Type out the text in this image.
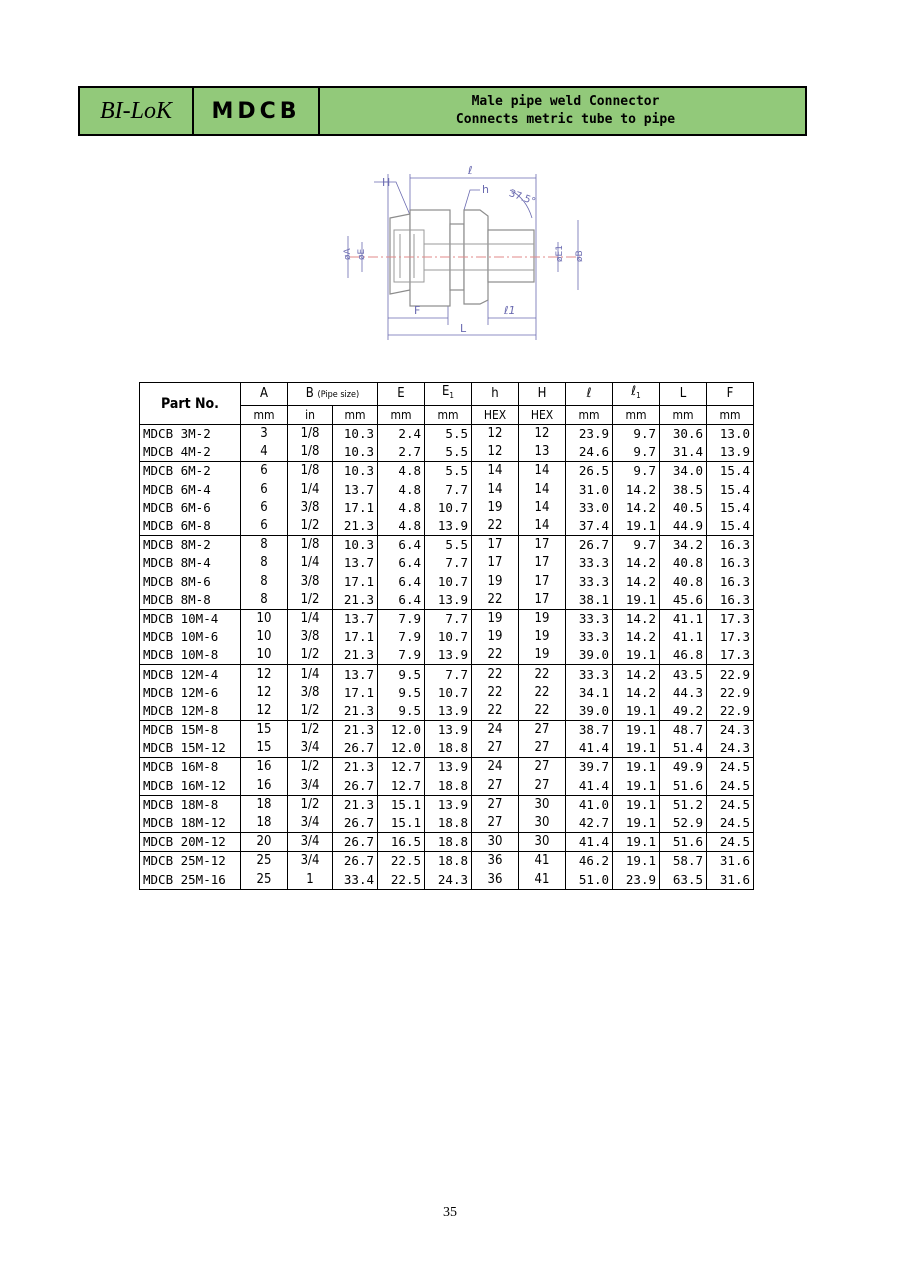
BI-LoK	MDCB	Male pipe weld Connector
Connects metric tube to pipe
H
ℓ
h 37.5°
øA øE	øE1 øB
F	ℓ1
L
Part No.	A	B (Pipe size)		E	$E_1$	h	H	ℓ	ℓ$_1$	L	F
	mm	in	mm	mm	mm	HEX	HEX	mm	mm	mm	mm
MDCB 3M-2	3	1/8	10.3	2.4	5.5	12	12	23.9	9.7	30.6	13.0
MDCB 4M-2	4	1/8	10.3	2.7	5.5	12	13	24.6	9.7	31.4	13.9
MDCB 6M-2	6	1/8	10.3	4.8	5.5	14	14	26.5	9.7	34.0	15.4
MDCB 6M-4	6	1/4	13.7	4.8	7.7	14	14	31.0	14.2	38.5	15.4
MDCB 6M-6	6	3/8	17.1	4.8	10.7	19	14	33.0	14.2	40.5	15.4
MDCB 6M-8	6	1/2	21.3	4.8	13.9	22	14	37.4	19.1	44.9	15.4
MDCB 8M-2	8	1/8	10.3	6.4	5.5	17	17	26.7	9.7	34.2	16.3
MDCB 8M-4	8	1/4	13.7	6.4	7.7	17	17	33.3	14.2	40.8	16.3
MDCB 8M-6	8	3/8	17.1	6.4	10.7	19	17	33.3	14.2	40.8	16.3
MDCB 8M-8	8	1/2	21.3	6.4	13.9	22	17	38.1	19.1	45.6	16.3
MDCB 10M-4	10	1/4	13.7	7.9	7.7	19	19	33.3	14.2	41.1	17.3
MDCB 10M-6	10	3/8	17.1	7.9	10.7	19	19	33.3	14.2	41.1	17.3
MDCB 10M-8	10	1/2	21.3	7.9	13.9	22	19	39.0	19.1	46.8	17.3
MDCB 12M-4	12	1/4	13.7	9.5	7.7	22	22	33.3	14.2	43.5	22.9
MDCB 12M-6	12	3/8	17.1	9.5	10.7	22	22	34.1	14.2	44.3	22.9
MDCB 12M-8	12	1/2	21.3	9.5	13.9	22	22	39.0	19.1	49.2	22.9
MDCB 15M-8	15	1/2	21.3	12.0	13.9	24	27	38.7	19.1	48.7	24.3
MDCB 15M-12	15	3/4	26.7	12.0	18.8	27	27	41.4	19.1	51.4	24.3
MDCB 16M-8	16	1/2	21.3	12.7	13.9	24	27	39.7	19.1	49.9	24.5
MDCB 16M-12	16	3/4	26.7	12.7	18.8	27	27	41.4	19.1	51.6	24.5
MDCB 18M-8	18	1/2	21.3	15.1	13.9	27	30	41.0	19.1	51.2	24.5
MDCB 18M-12	18	3/4	26.7	15.1	18.8	27	30	42.7	19.1	52.9	24.5
MDCB 20M-12	20	3/4	26.7	16.5	18.8	30	30	41.4	19.1	51.6	24.5
MDCB 25M-12	25	3/4	26.7	22.5	18.8	36	41	46.2	19.1	58.7	31.6
MDCB 25M-16	25	1	33.4	22.5	24.3	36	41	51.0	23.9	63.5	31.6
35
